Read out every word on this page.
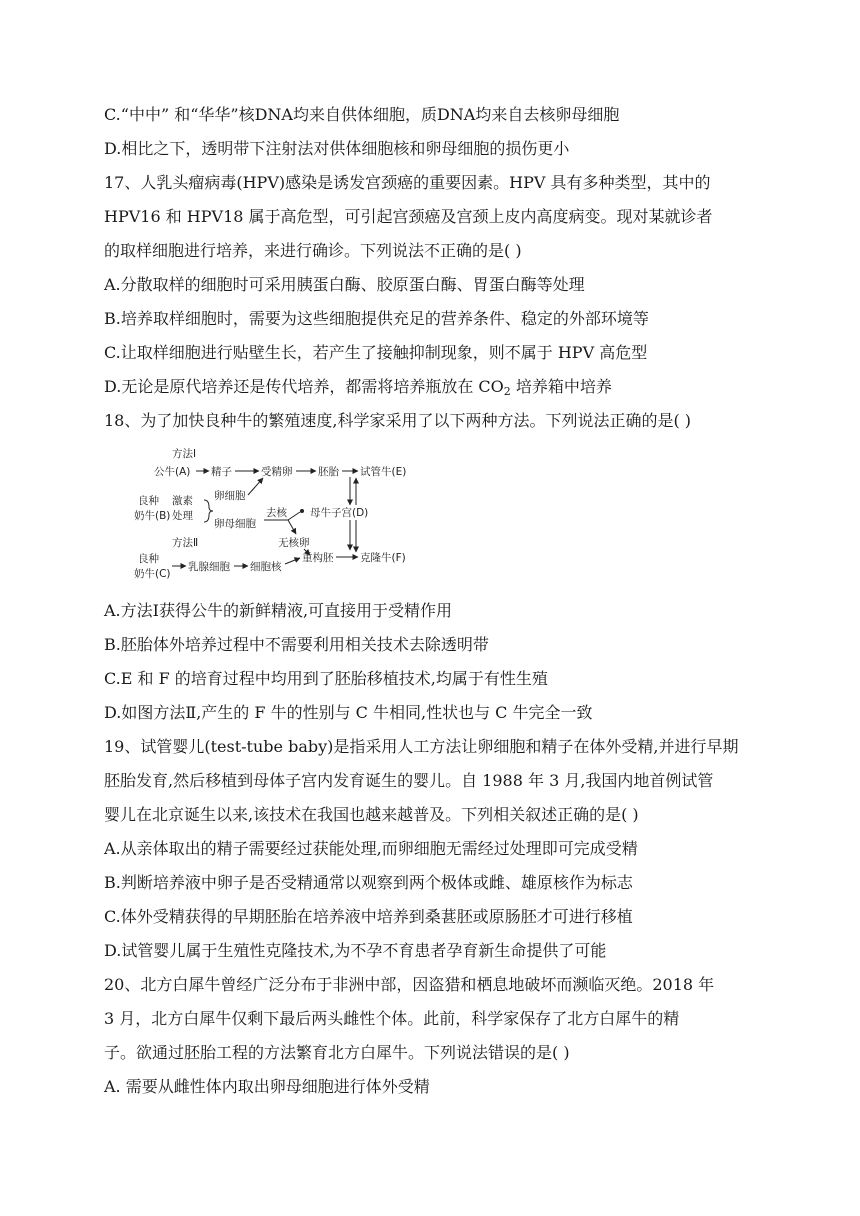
C.“中中” 和“华华”核DNA均来自供体细胞，质DNA均来自去核卵母细胞
D.相比之下，透明带下注射法对供体细胞核和卵母细胞的损伤更小
17、人乳头瘤病毒(HPV)感染是诱发宫颈癌的重要因素。HPV 具有多种类型，其中的
HPV16 和 HPV18 属于高危型，可引起宫颈癌及宫颈上皮内高度病变。现对某就诊者
的取样细胞进行培养，来进行确诊。下列说法不正确的是( )
A.分散取样的细胞时可采用胰蛋白酶、胶原蛋白酶、胃蛋白酶等处理
B.培养取样细胞时，需要为这些细胞提供充足的营养条件、稳定的外部环境等
C.让取样细胞进行贴壁生长，若产生了接触抑制现象，则不属于 HPV 高危型
D.无论是原代培养还是传代培养，都需将培养瓶放在 $CO_2$ 培养箱中培养
18、为了加快良种牛的繁殖速度,科学家采用了以下两种方法。下列说法正确的是( )
方法Ⅰ
公牛(A) 精子	受精卵 胚胎 试管牛(E)
良种
奶牛(B)
激素
处理
卵细胞
卵母细胞
去核 母牛子宫(D)
方法Ⅱ	无核卵
良种
奶牛(C)
乳腺细胞 细胞核
重构胚	克隆牛(F)
A.方法Ⅰ获得公牛的新鲜精液,可直接用于受精作用
B.胚胎体外培养过程中不需要利用相关技术去除透明带
C.E 和 F 的培育过程中均用到了胚胎移植技术,均属于有性生殖
D.如图方法Ⅱ,产生的 F 牛的性别与 C 牛相同,性状也与 C 牛完全一致
19、试管婴儿(test-tube baby)是指采用人工方法让卵细胞和精子在体外受精,并进行早期
胚胎发育,然后移植到母体子宫内发育诞生的婴儿。自 1988 年 3 月,我国内地首例试管
婴儿在北京诞生以来,该技术在我国也越来越普及。下列相关叙述正确的是( )
A.从亲体取出的精子需要经过获能处理,而卵细胞无需经过处理即可完成受精
B.判断培养液中卵子是否受精通常以观察到两个极体或雌、雄原核作为标志
C.体外受精获得的早期胚胎在培养液中培养到桑葚胚或原肠胚才可进行移植
D.试管婴儿属于生殖性克隆技术,为不孕不育患者孕育新生命提供了可能
20、北方白犀牛曾经广泛分布于非洲中部，因盗猎和栖息地破坏而濒临灭绝。2018 年
3 月，北方白犀牛仅剩下最后两头雌性个体。此前，科学家保存了北方白犀牛的精
子。欲通过胚胎工程的方法繁育北方白犀牛。下列说法错误的是( )
A. 需要从雌性体内取出卵母细胞进行体外受精
